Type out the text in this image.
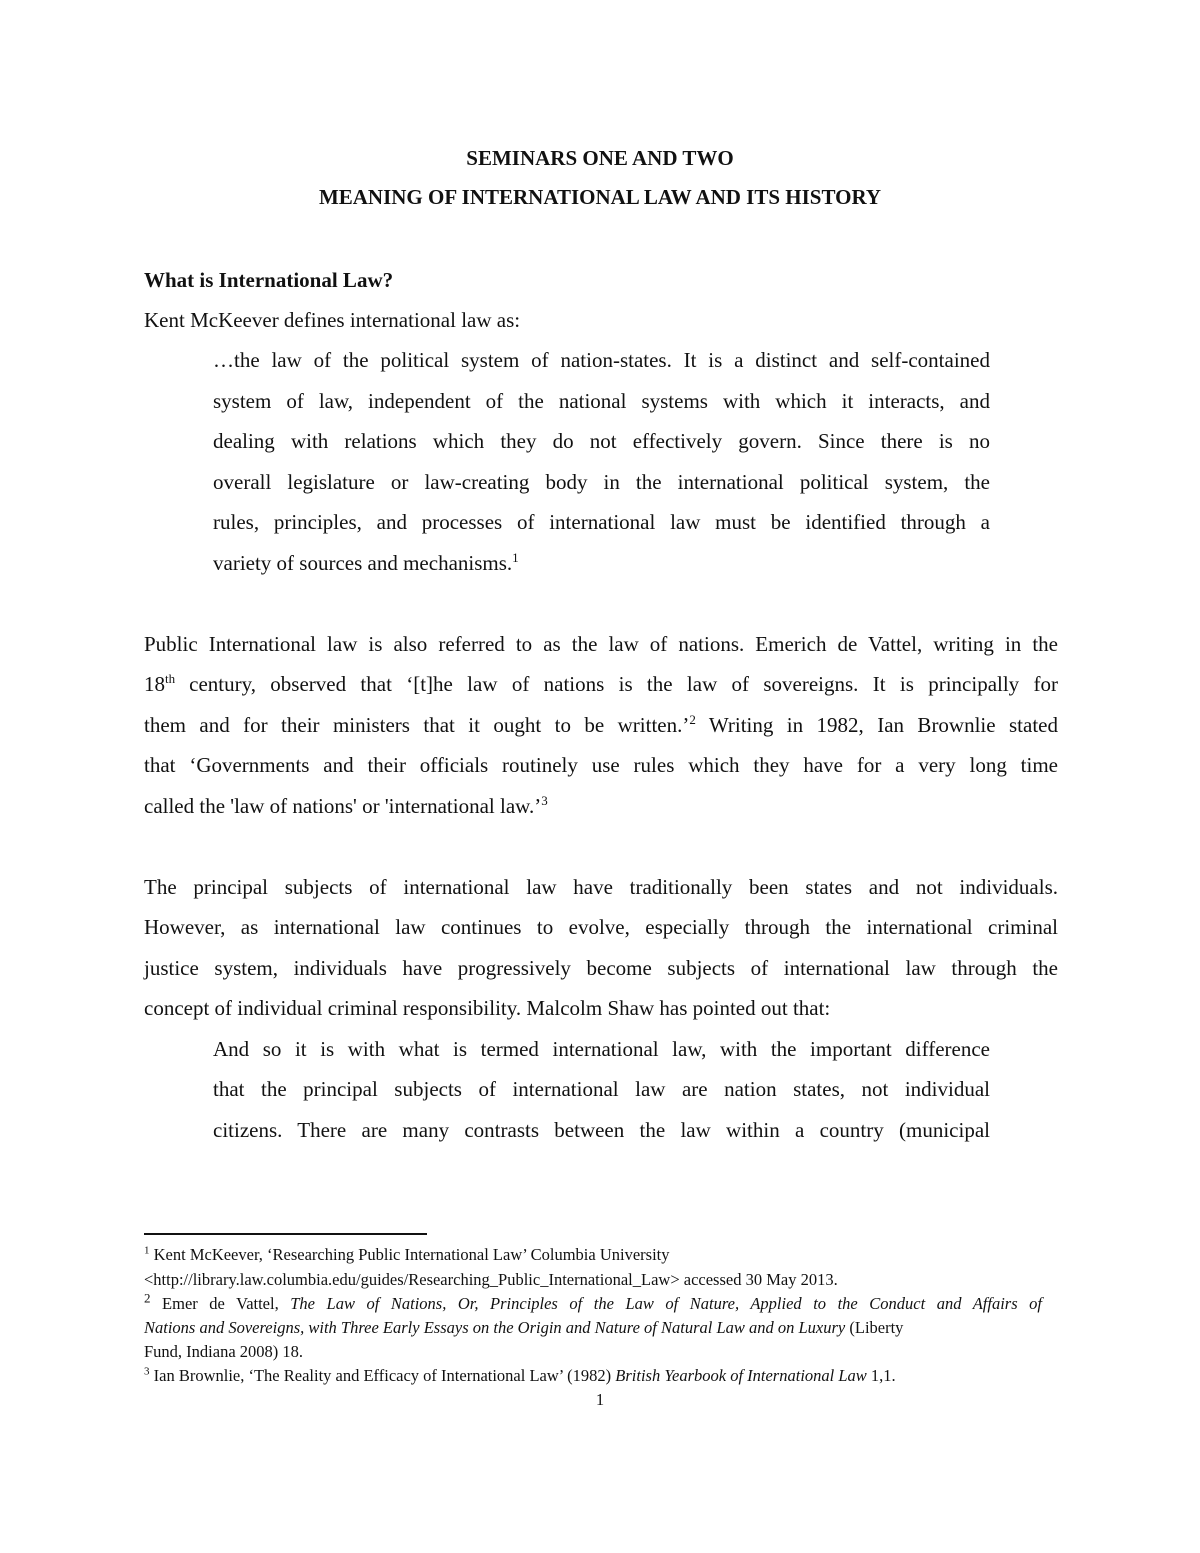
SEMINARS ONE AND TWO
MEANING OF INTERNATIONAL LAW AND ITS HISTORY
What is International Law?
Kent McKeever defines international law as:
…the law of the political system of nation-states. It is a distinct and self-contained
system of law, independent of the national systems with which it interacts, and
dealing with relations which they do not effectively govern. Since there is no
overall legislature or law-creating body in the international political system, the
rules, principles, and processes of international law must be identified through a
variety of sources and mechanisms.$^1$
Public International law is also referred to as the law of nations. Emerich de Vattel, writing in the
18th century, observed that ‘[t]he law of nations is the law of sovereigns. It is principally for
them and for their ministers that it ought to be written.’$^2$ Writing in 1982, Ian Brownlie stated
that ‘Governments and their officials routinely use rules which they have for a very long time
called the 'law of nations' or 'international law.’$^3$
The principal subjects of international law have traditionally been states and not individuals.
However, as international law continues to evolve, especially through the international criminal
justice system, individuals have progressively become subjects of international law through the
concept of individual criminal responsibility. Malcolm Shaw has pointed out that:
And so it is with what is termed international law, with the important difference
that the principal subjects of international law are nation states, not individual
citizens. There are many contrasts between the law within a country (municipal
$^1$ Kent McKeever, ‘Researching Public International Law’ Columbia University
<http://library.law.columbia.edu/guides/Researching_Public_International_Law> accessed 30 May 2013.
$^2$ Emer de Vattel, The Law of Nations, Or, Principles of the Law of Nature, Applied to the Conduct and Affairs of
Nations and Sovereigns, with Three Early Essays on the Origin and Nature of Natural Law and on Luxury (Liberty
Fund, Indiana 2008) 18.
$^3$ Ian Brownlie, ‘The Reality and Efficacy of International Law’ (1982) British Yearbook of International Law 1,1.
1
